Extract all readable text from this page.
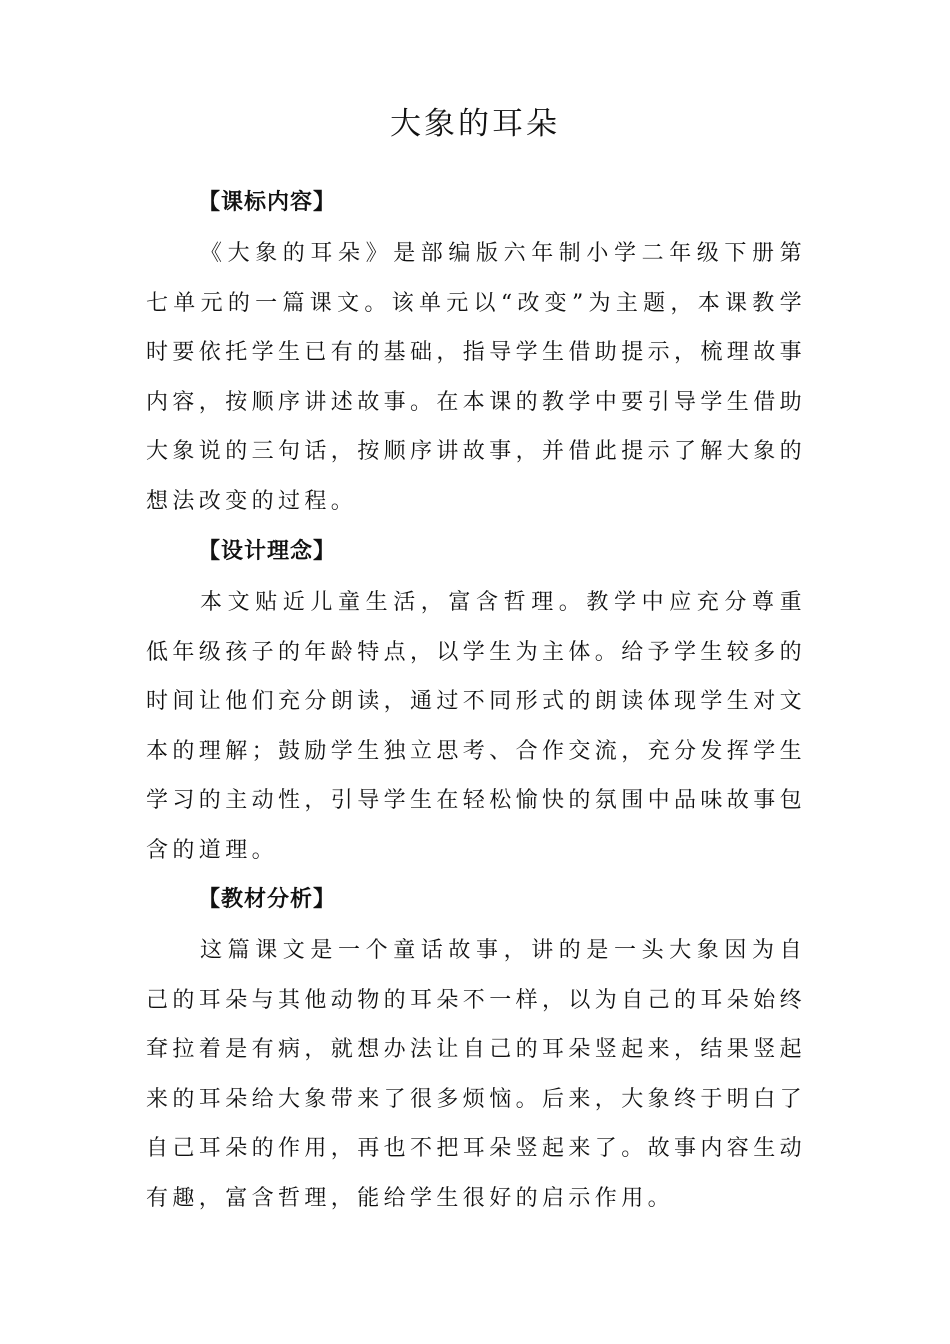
大象的耳朵
【课标内容】
《大象的耳朵》是部编版六年制小学二年级下册第七单元的一篇课文。该单元以“改变”为主题，本课教学时要依托学生已有的基础，指导学生借助提示，梳理故事内容，按顺序讲述故事。在本课的教学中要引导学生借助大象说的三句话，按顺序讲故事，并借此提示了解大象的想法改变的过程。
【设计理念】
本文贴近儿童生活，富含哲理。教学中应充分尊重低年级孩子的年龄特点，以学生为主体。给予学生较多的时间让他们充分朗读，通过不同形式的朗读体现学生对文本的理解；鼓励学生独立思考、合作交流，充分发挥学生学习的主动性，引导学生在轻松愉快的氛围中品味故事包含的道理。
【教材分析】
这篇课文是一个童话故事，讲的是一头大象因为自己的耳朵与其他动物的耳朵不一样，以为自己的耳朵始终耷拉着是有病，就想办法让自己的耳朵竖起来，结果竖起来的耳朵给大象带来了很多烦恼。后来，大象终于明白了自己耳朵的作用，再也不把耳朵竖起来了。故事内容生动有趣，富含哲理，能给学生很好的启示作用。
